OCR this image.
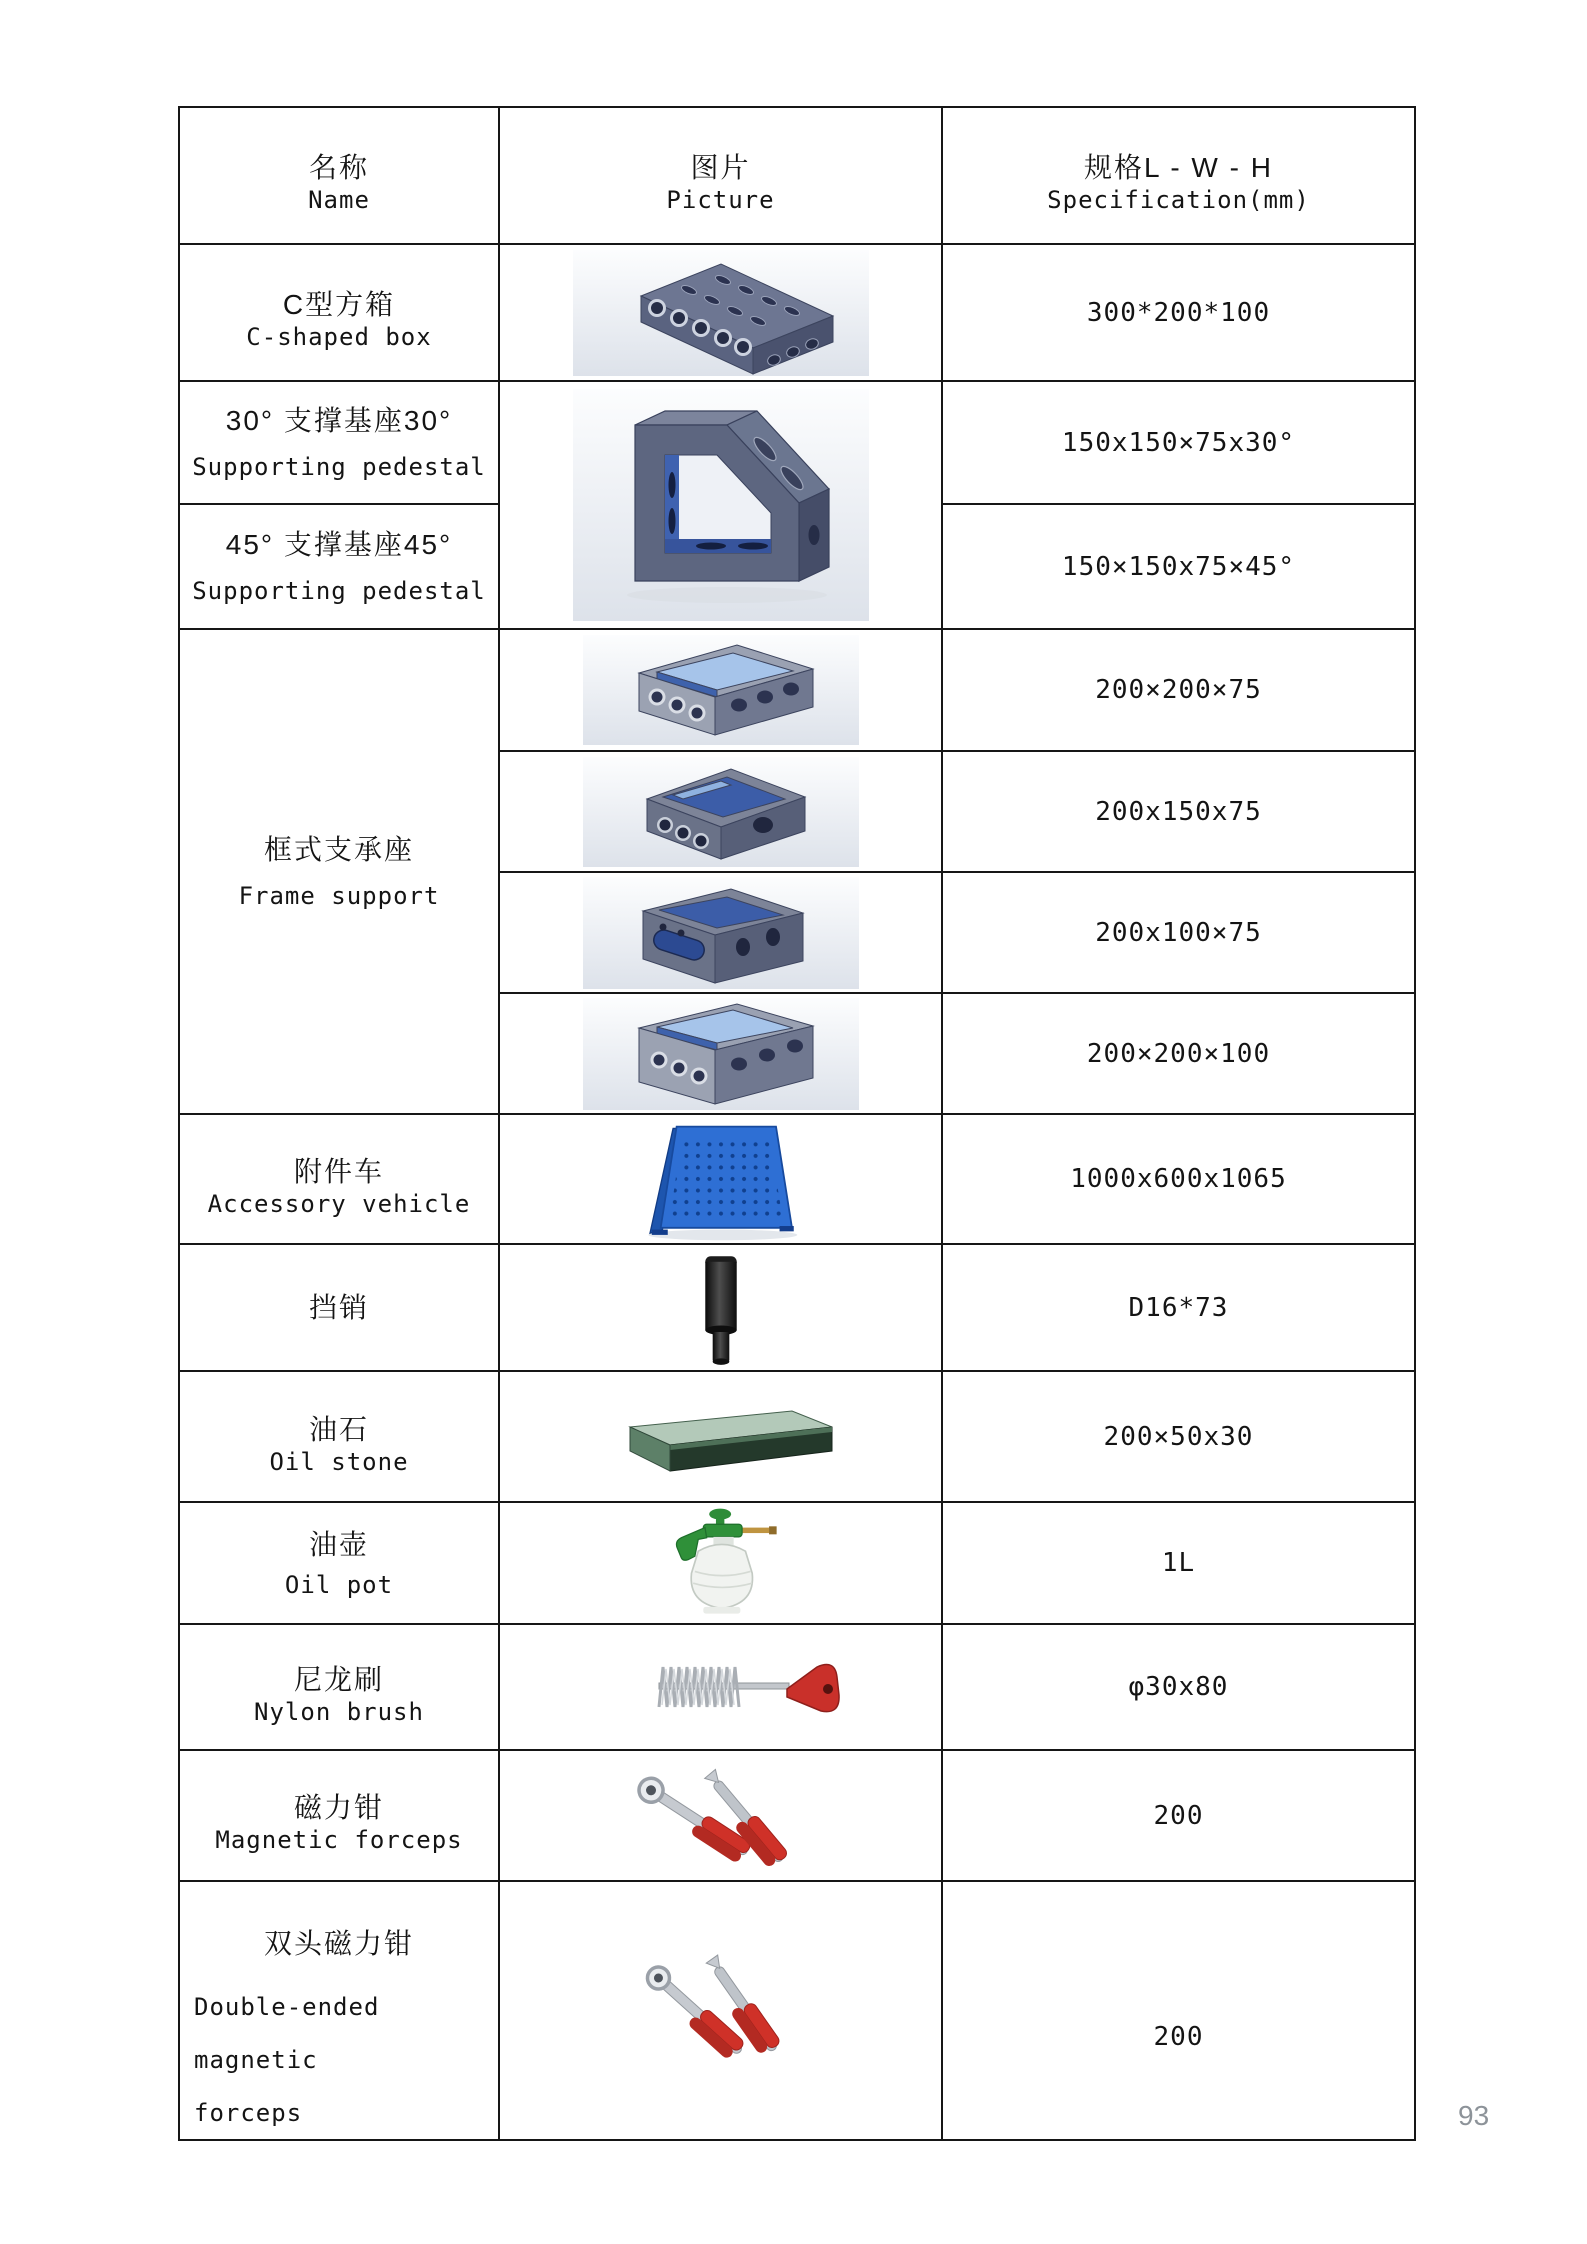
名称
Name	图片
Picture	规格L - W - H
Specification(mm)

C型方箱
C-shaped box		300*200*100

30° 支撑基座30°
Supporting pedestal		150x150×75x30°

45° 支撑基座45°
Supporting pedestal		150×150x75×45°

框式支承座
Frame support		200×200×75

200x150x75

200x100×75

200×200×100

附件车
Accessory vehicle		1000x600x1065

挡销		D16*73

油石
Oil stone		200×50x30

油壶
Oil pot		1L

尼龙刷
Nylon brush		φ30x80

磁力钳
Magnetic forceps		200

双头磁力钳
Double-ended magnetic forceps		200
93
